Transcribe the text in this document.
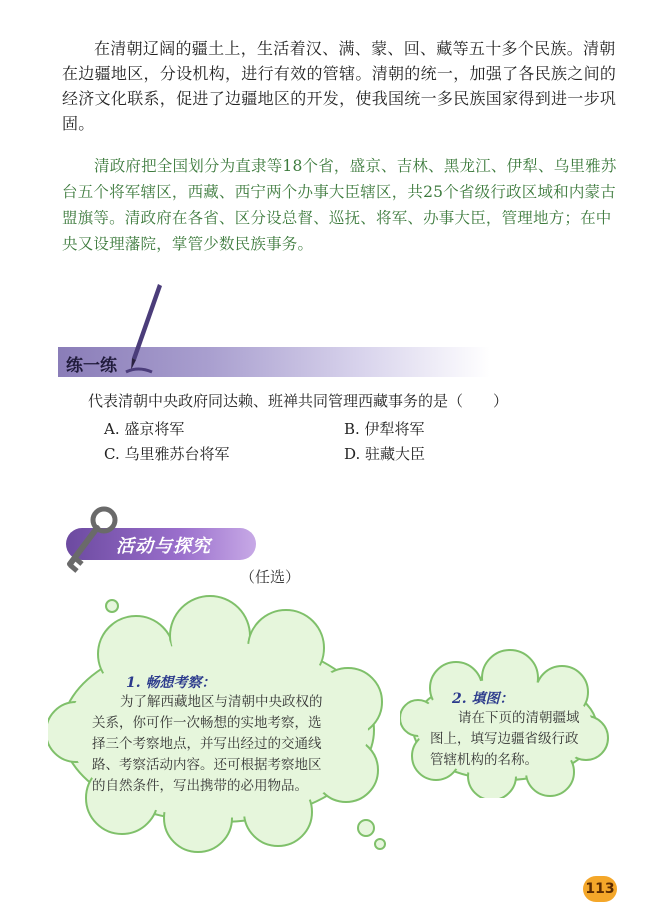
在清朝辽阔的疆土上，生活着汉、满、蒙、回、藏等五十多个民族。清朝在边疆地区，分设机构，进行有效的管辖。清朝的统一，加强了各民族之间的经济文化联系，促进了边疆地区的开发，使我国统一多民族国家得到进一步巩固。

清政府把全国划分为直隶等18个省，盛京、吉林、黑龙江、伊犁、乌里雅苏台五个将军辖区，西藏、西宁两个办事大臣辖区，共25个省级行政区域和内蒙古盟旗等。清政府在各省、区分设总督、巡抚、将军、办事大臣，管理地方；在中央又设理藩院，掌管少数民族事务。

练一练
代表清朝中央政府同达赖、班禅共同管理西藏事务的是（　　）
A. 盛京将军	B. 伊犁将军
C. 乌里雅苏台将军	D. 驻藏大臣
活动与探究
（任选）
1. 畅想考察：

为了解西藏地区与清朝中央政权的关系，你可作一次畅想的实地考察，选择三个考察地点，并写出经过的交通线路、考察活动内容。还可根据考察地区的自然条件，写出携带的必用物品。

2. 填图：

请在下页的清朝疆域图上，填写边疆省级行政管辖机构的名称。

113
